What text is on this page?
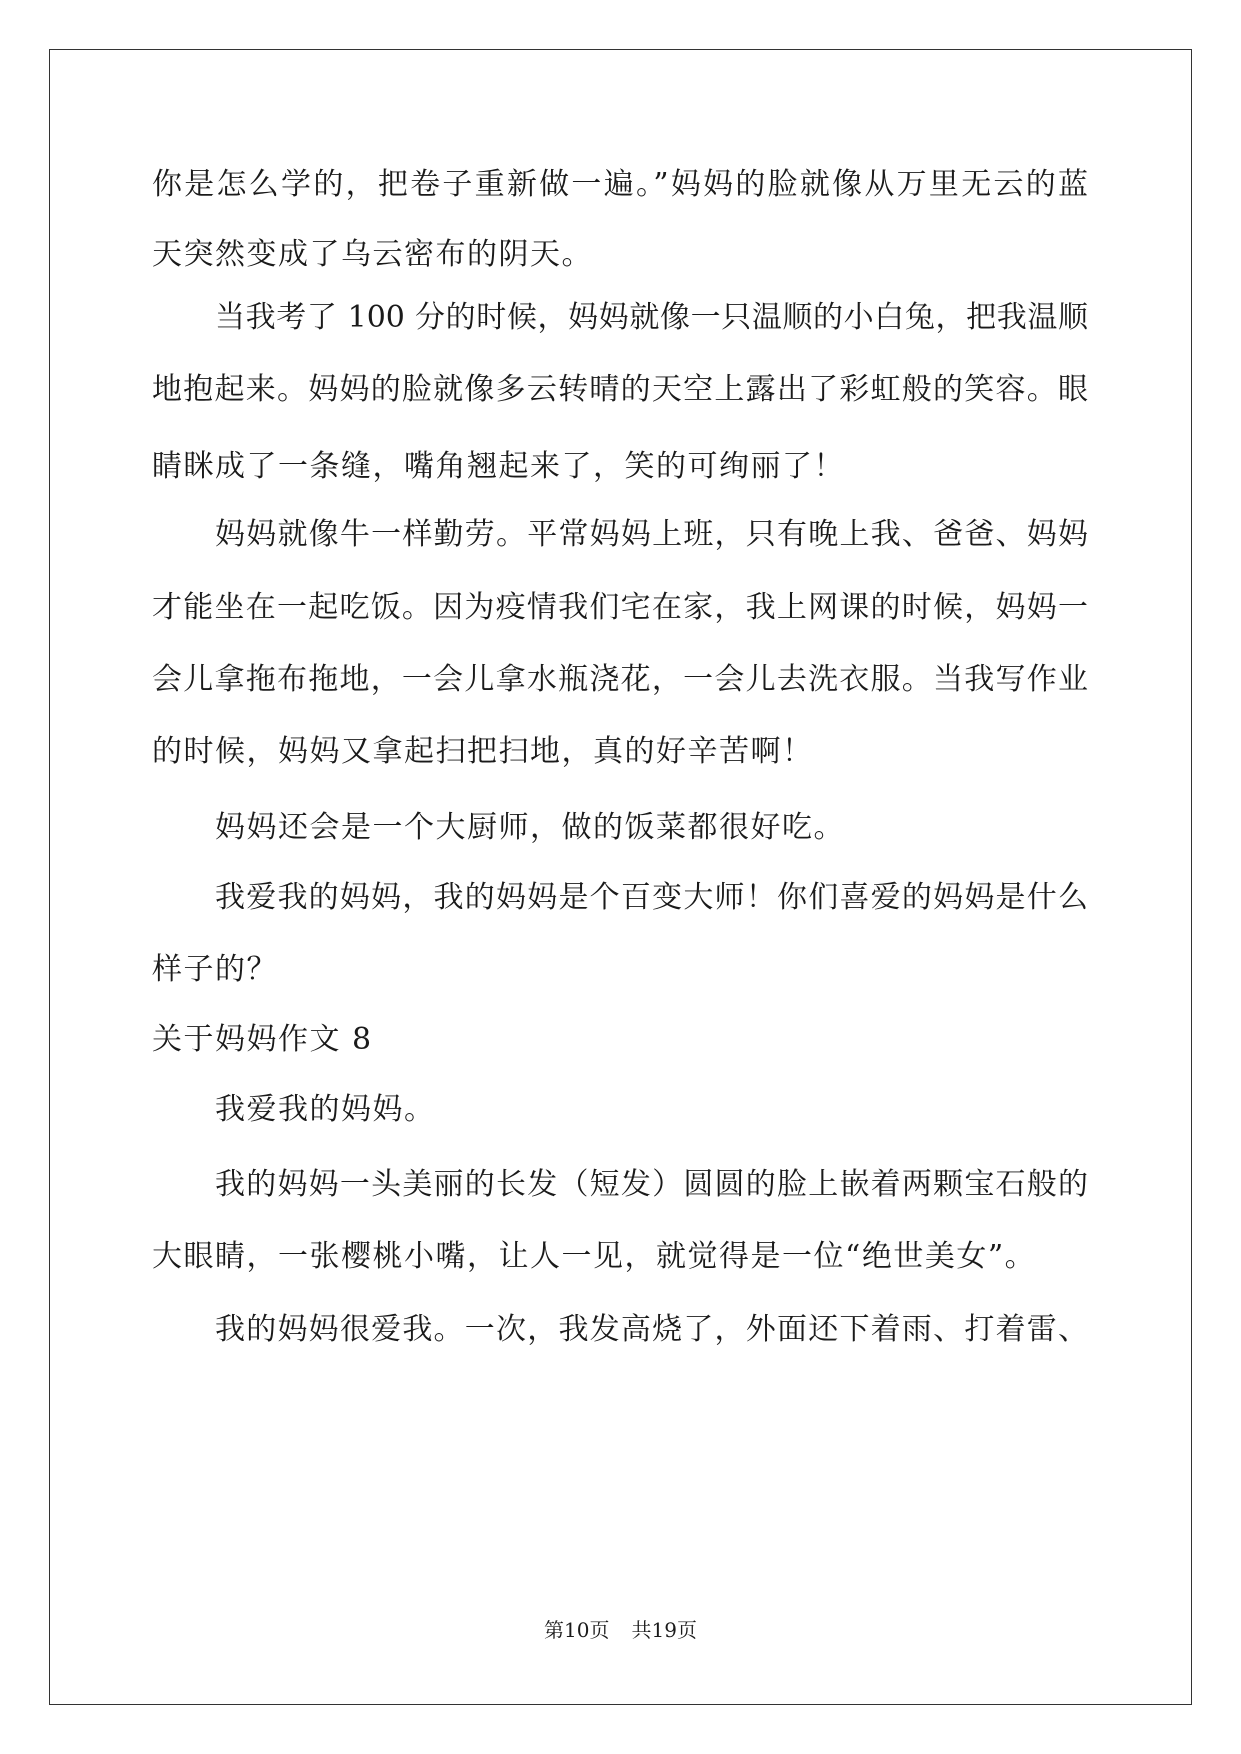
你是怎么学的，把卷子重新做一遍。”妈妈的脸就像从万里无云的蓝
天突然变成了乌云密布的阴天。
当我考了 100 分的时候，妈妈就像一只温顺的小白兔，把我温顺
地抱起来。妈妈的脸就像多云转晴的天空上露出了彩虹般的笑容。眼
睛眯成了一条缝，嘴角翘起来了，笑的可绚丽了！
妈妈就像牛一样勤劳。平常妈妈上班，只有晚上我、爸爸、妈妈
才能坐在一起吃饭。因为疫情我们宅在家，我上网课的时候，妈妈一
会儿拿拖布拖地，一会儿拿水瓶浇花，一会儿去洗衣服。当我写作业
的时候，妈妈又拿起扫把扫地，真的好辛苦啊！
妈妈还会是一个大厨师，做的饭菜都很好吃。
我爱我的妈妈，我的妈妈是个百变大师！你们喜爱的妈妈是什么
样子的？
关于妈妈作文 8
我爱我的妈妈。
我的妈妈一头美丽的长发（短发）圆圆的脸上嵌着两颗宝石般的
大眼睛，一张樱桃小嘴，让人一见，就觉得是一位“绝世美女”。
我的妈妈很爱我。一次，我发高烧了，外面还下着雨、打着雷、
第10页 共19页
